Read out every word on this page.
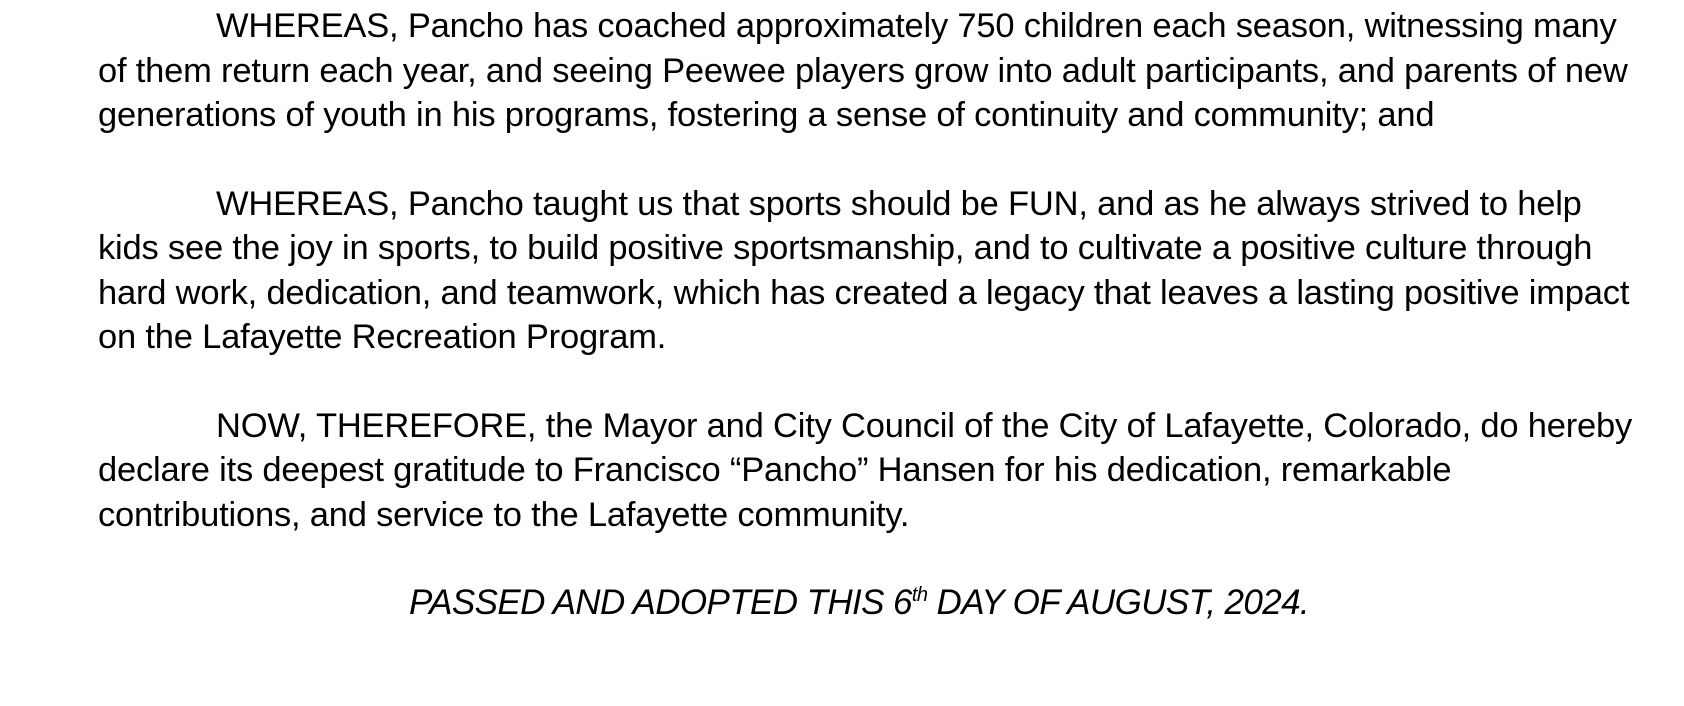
WHEREAS, Pancho has coached approximately 750 children each season, witnessing many of them return each year, and seeing Peewee players grow into adult participants, and parents of new generations of youth in his programs, fostering a sense of continuity and community; and

WHEREAS, Pancho taught us that sports should be FUN, and as he always strived to help kids see the joy in sports, to build positive sportsmanship, and to cultivate a positive culture through hard work, dedication, and teamwork, which has created a legacy that leaves a lasting positive impact on the Lafayette Recreation Program.

NOW, THEREFORE, the Mayor and City Council of the City of Lafayette, Colorado, do hereby declare its deepest gratitude to Francisco “Pancho” Hansen for his dedication, remarkable contributions, and service to the Lafayette community.

PASSED AND ADOPTED THIS 6th DAY OF AUGUST, 2024.
